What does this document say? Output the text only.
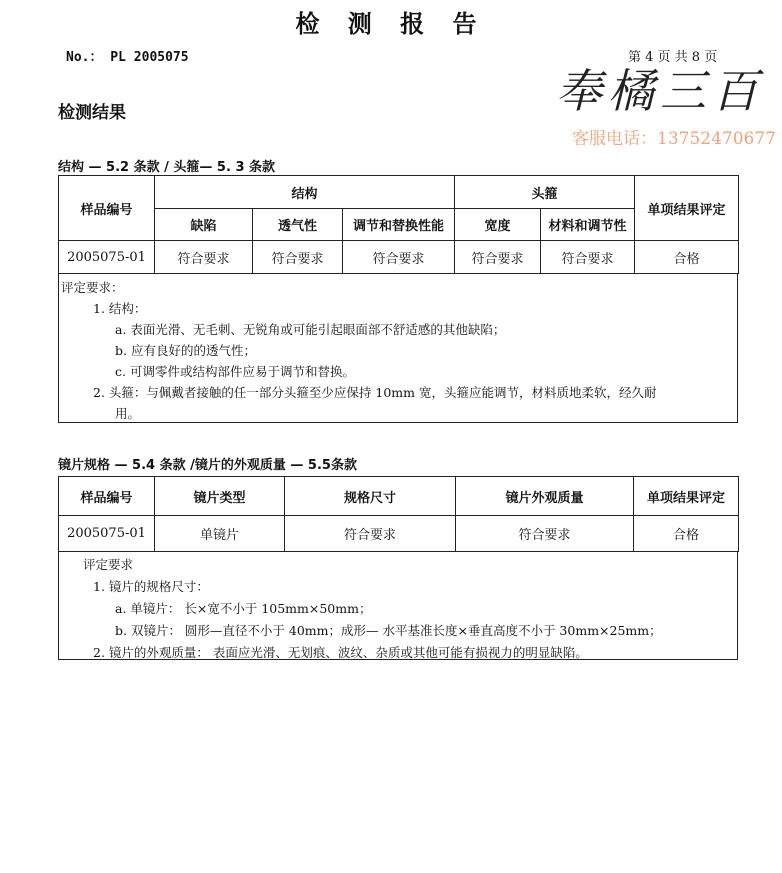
检 测 报 告
No.： PL 2005075	第 4 页 共 8 页
奉橘三百
客服电话：13752470677
检测结果
结构 — 5.2 条款 / 头箍— 5. 3 条款
样品编号	结构			头箍		单项结果评定
	缺陷	透气性	调节和替换性能	宽度	材料和调节性	
2005075-01	符合要求	符合要求	符合要求	符合要求	符合要求	合格
评定要求：
1. 结构：
a. 表面光滑、无毛刺、无锐角或可能引起眼面部不舒适感的其他缺陷；
b. 应有良好的的透气性；
c. 可调零件或结构部件应易于调节和替换。
2. 头箍：与佩戴者接触的任一部分头箍至少应保持 10mm 宽，头箍应能调节，材料质地柔软，经久耐
用。
镜片规格 — 5.4 条款 /镜片的外观质量 — 5.5条款
样品编号	镜片类型	规格尺寸	镜片外观质量	单项结果评定
2005075-01	单镜片	符合要求	符合要求	合格
评定要求
1. 镜片的规格尺寸：
a. 单镜片： 长×宽不小于 105mm×50mm；
b. 双镜片： 圆形—直径不小于 40mm；成形— 水平基准长度×垂直高度不小于 30mm×25mm；
2. 镜片的外观质量： 表面应光滑、无划痕、波纹、杂质或其他可能有损视力的明显缺陷。
